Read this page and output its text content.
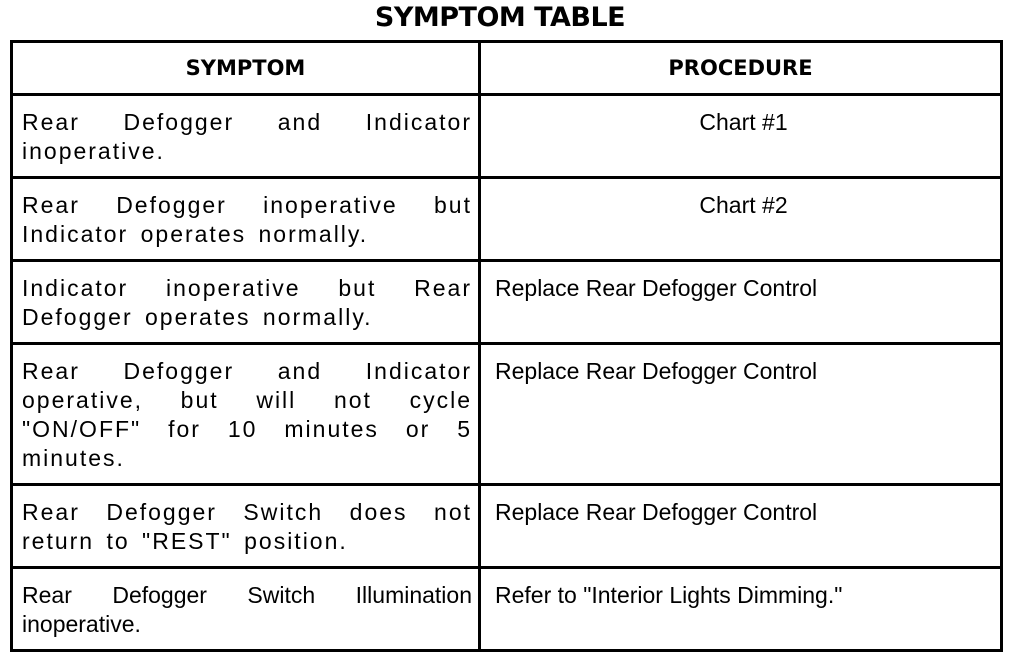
SYMPTOM TABLE
SYMPTOM	PROCEDURE
Rear Defogger and Indicator inoperative.	Chart #1
Rear Defogger inoperative but Indicator operates normally.	Chart #2
Indicator inoperative but Rear Defogger operates normally.	Replace Rear Defogger Control
Rear Defogger and Indicator operative, but will not cycle "ON/OFF" for 10 minutes or 5 minutes.	Replace Rear Defogger Control
Rear Defogger Switch does not return to "REST" position.	Replace Rear Defogger Control
Rear Defogger Switch Illumination inoperative.	Refer to "Interior Lights Dimming."
